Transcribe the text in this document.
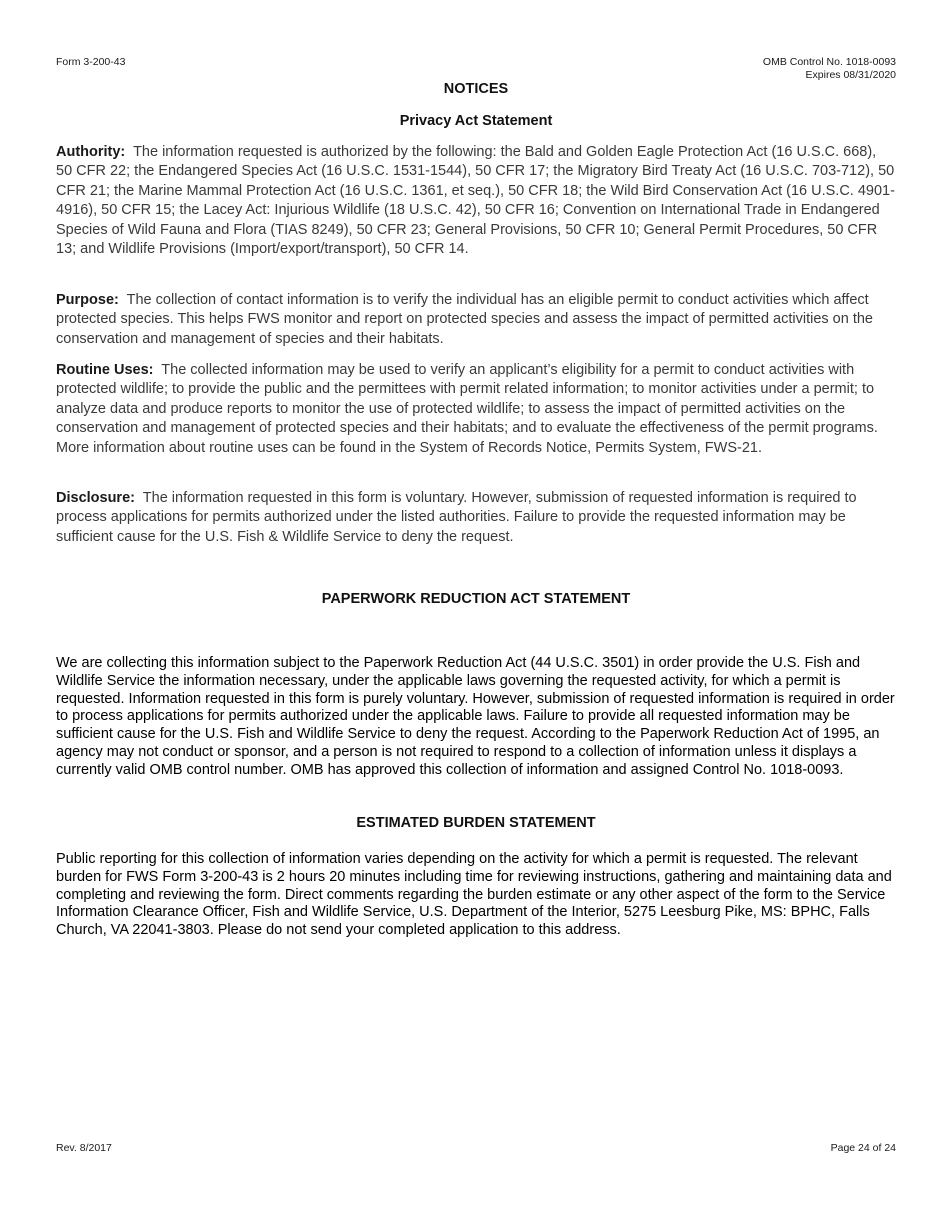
Form 3-200-43	OMB Control No. 1018-0093
Expires 08/31/2020
NOTICES
Privacy Act Statement
Authority: The information requested is authorized by the following: the Bald and Golden Eagle Protection Act (16 U.S.C. 668), 50 CFR 22; the Endangered Species Act (16 U.S.C. 1531-1544), 50 CFR 17; the Migratory Bird Treaty Act (16 U.S.C. 703-712), 50 CFR 21; the Marine Mammal Protection Act (16 U.S.C. 1361, et seq.), 50 CFR 18; the Wild Bird Conservation Act (16 U.S.C. 4901-4916), 50 CFR 15; the Lacey Act: Injurious Wildlife (18 U.S.C. 42), 50 CFR 16; Convention on International Trade in Endangered Species of Wild Fauna and Flora (TIAS 8249), 50 CFR 23; General Provisions, 50 CFR 10; General Permit Procedures, 50 CFR 13; and Wildlife Provisions (Import/export/transport), 50 CFR 14.
Purpose: The collection of contact information is to verify the individual has an eligible permit to conduct activities which affect protected species. This helps FWS monitor and report on protected species and assess the impact of permitted activities on the conservation and management of species and their habitats.
Routine Uses: The collected information may be used to verify an applicant’s eligibility for a permit to conduct activities with protected wildlife; to provide the public and the permittees with permit related information; to monitor activities under a permit; to analyze data and produce reports to monitor the use of protected wildlife; to assess the impact of permitted activities on the conservation and management of protected species and their habitats; and to evaluate the effectiveness of the permit programs. More information about routine uses can be found in the System of Records Notice, Permits System, FWS-21.
Disclosure: The information requested in this form is voluntary. However, submission of requested information is required to process applications for permits authorized under the listed authorities. Failure to provide the requested information may be sufficient cause for the U.S. Fish & Wildlife Service to deny the request.
PAPERWORK REDUCTION ACT STATEMENT
We are collecting this information subject to the Paperwork Reduction Act (44 U.S.C. 3501) in order provide the U.S. Fish and Wildlife Service the information necessary, under the applicable laws governing the requested activity, for which a permit is requested. Information requested in this form is purely voluntary. However, submission of requested information is required in order to process applications for permits authorized under the applicable laws. Failure to provide all requested information may be sufficient cause for the U.S. Fish and Wildlife Service to deny the request. According to the Paperwork Reduction Act of 1995, an agency may not conduct or sponsor, and a person is not required to respond to a collection of information unless it displays a currently valid OMB control number. OMB has approved this collection of information and assigned Control No. 1018-0093.
ESTIMATED BURDEN STATEMENT
Public reporting for this collection of information varies depending on the activity for which a permit is requested. The relevant burden for FWS Form 3-200-43 is 2 hours 20 minutes including time for reviewing instructions, gathering and maintaining data and completing and reviewing the form. Direct comments regarding the burden estimate or any other aspect of the form to the Service Information Clearance Officer, Fish and Wildlife Service, U.S. Department of the Interior, 5275 Leesburg Pike, MS: BPHC, Falls Church, VA 22041-3803. Please do not send your completed application to this address.
Rev. 8/2017	Page 24 of 24
